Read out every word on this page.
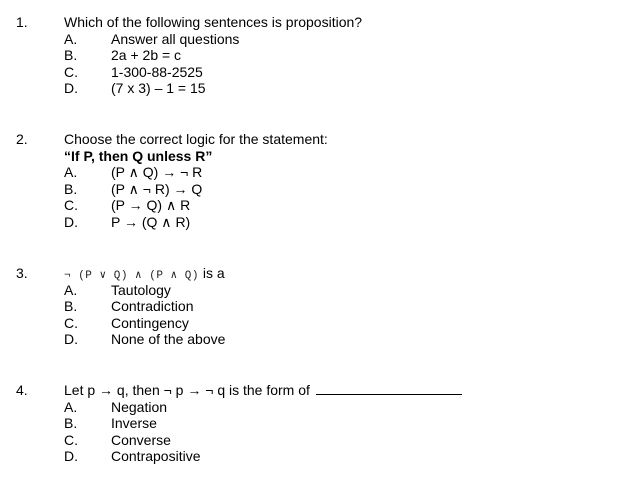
1.	Which of the following sentences is proposition?
A. Answer all questions
B. 2a + 2b = c
C. 1-300-88-2525
D. (7 x 3) – 1 = 15
2.	Choose the correct logic for the statement:
“If P, then Q unless R”
A. (P ∧ Q) → ¬ R
B. (P ∧ ¬ R) → Q
C. (P → Q) ∧ R
D. P → (Q ∧ R)
3.	¬ (P ∨ Q) ∧ (P ∧ Q) is a
A. Tautology
B. Contradiction
C. Contingency
D. None of the above
4.	Let p → q, then ¬ p → ¬ q is the form of
A. Negation
B. Inverse
C. Converse
D. Contrapositive
